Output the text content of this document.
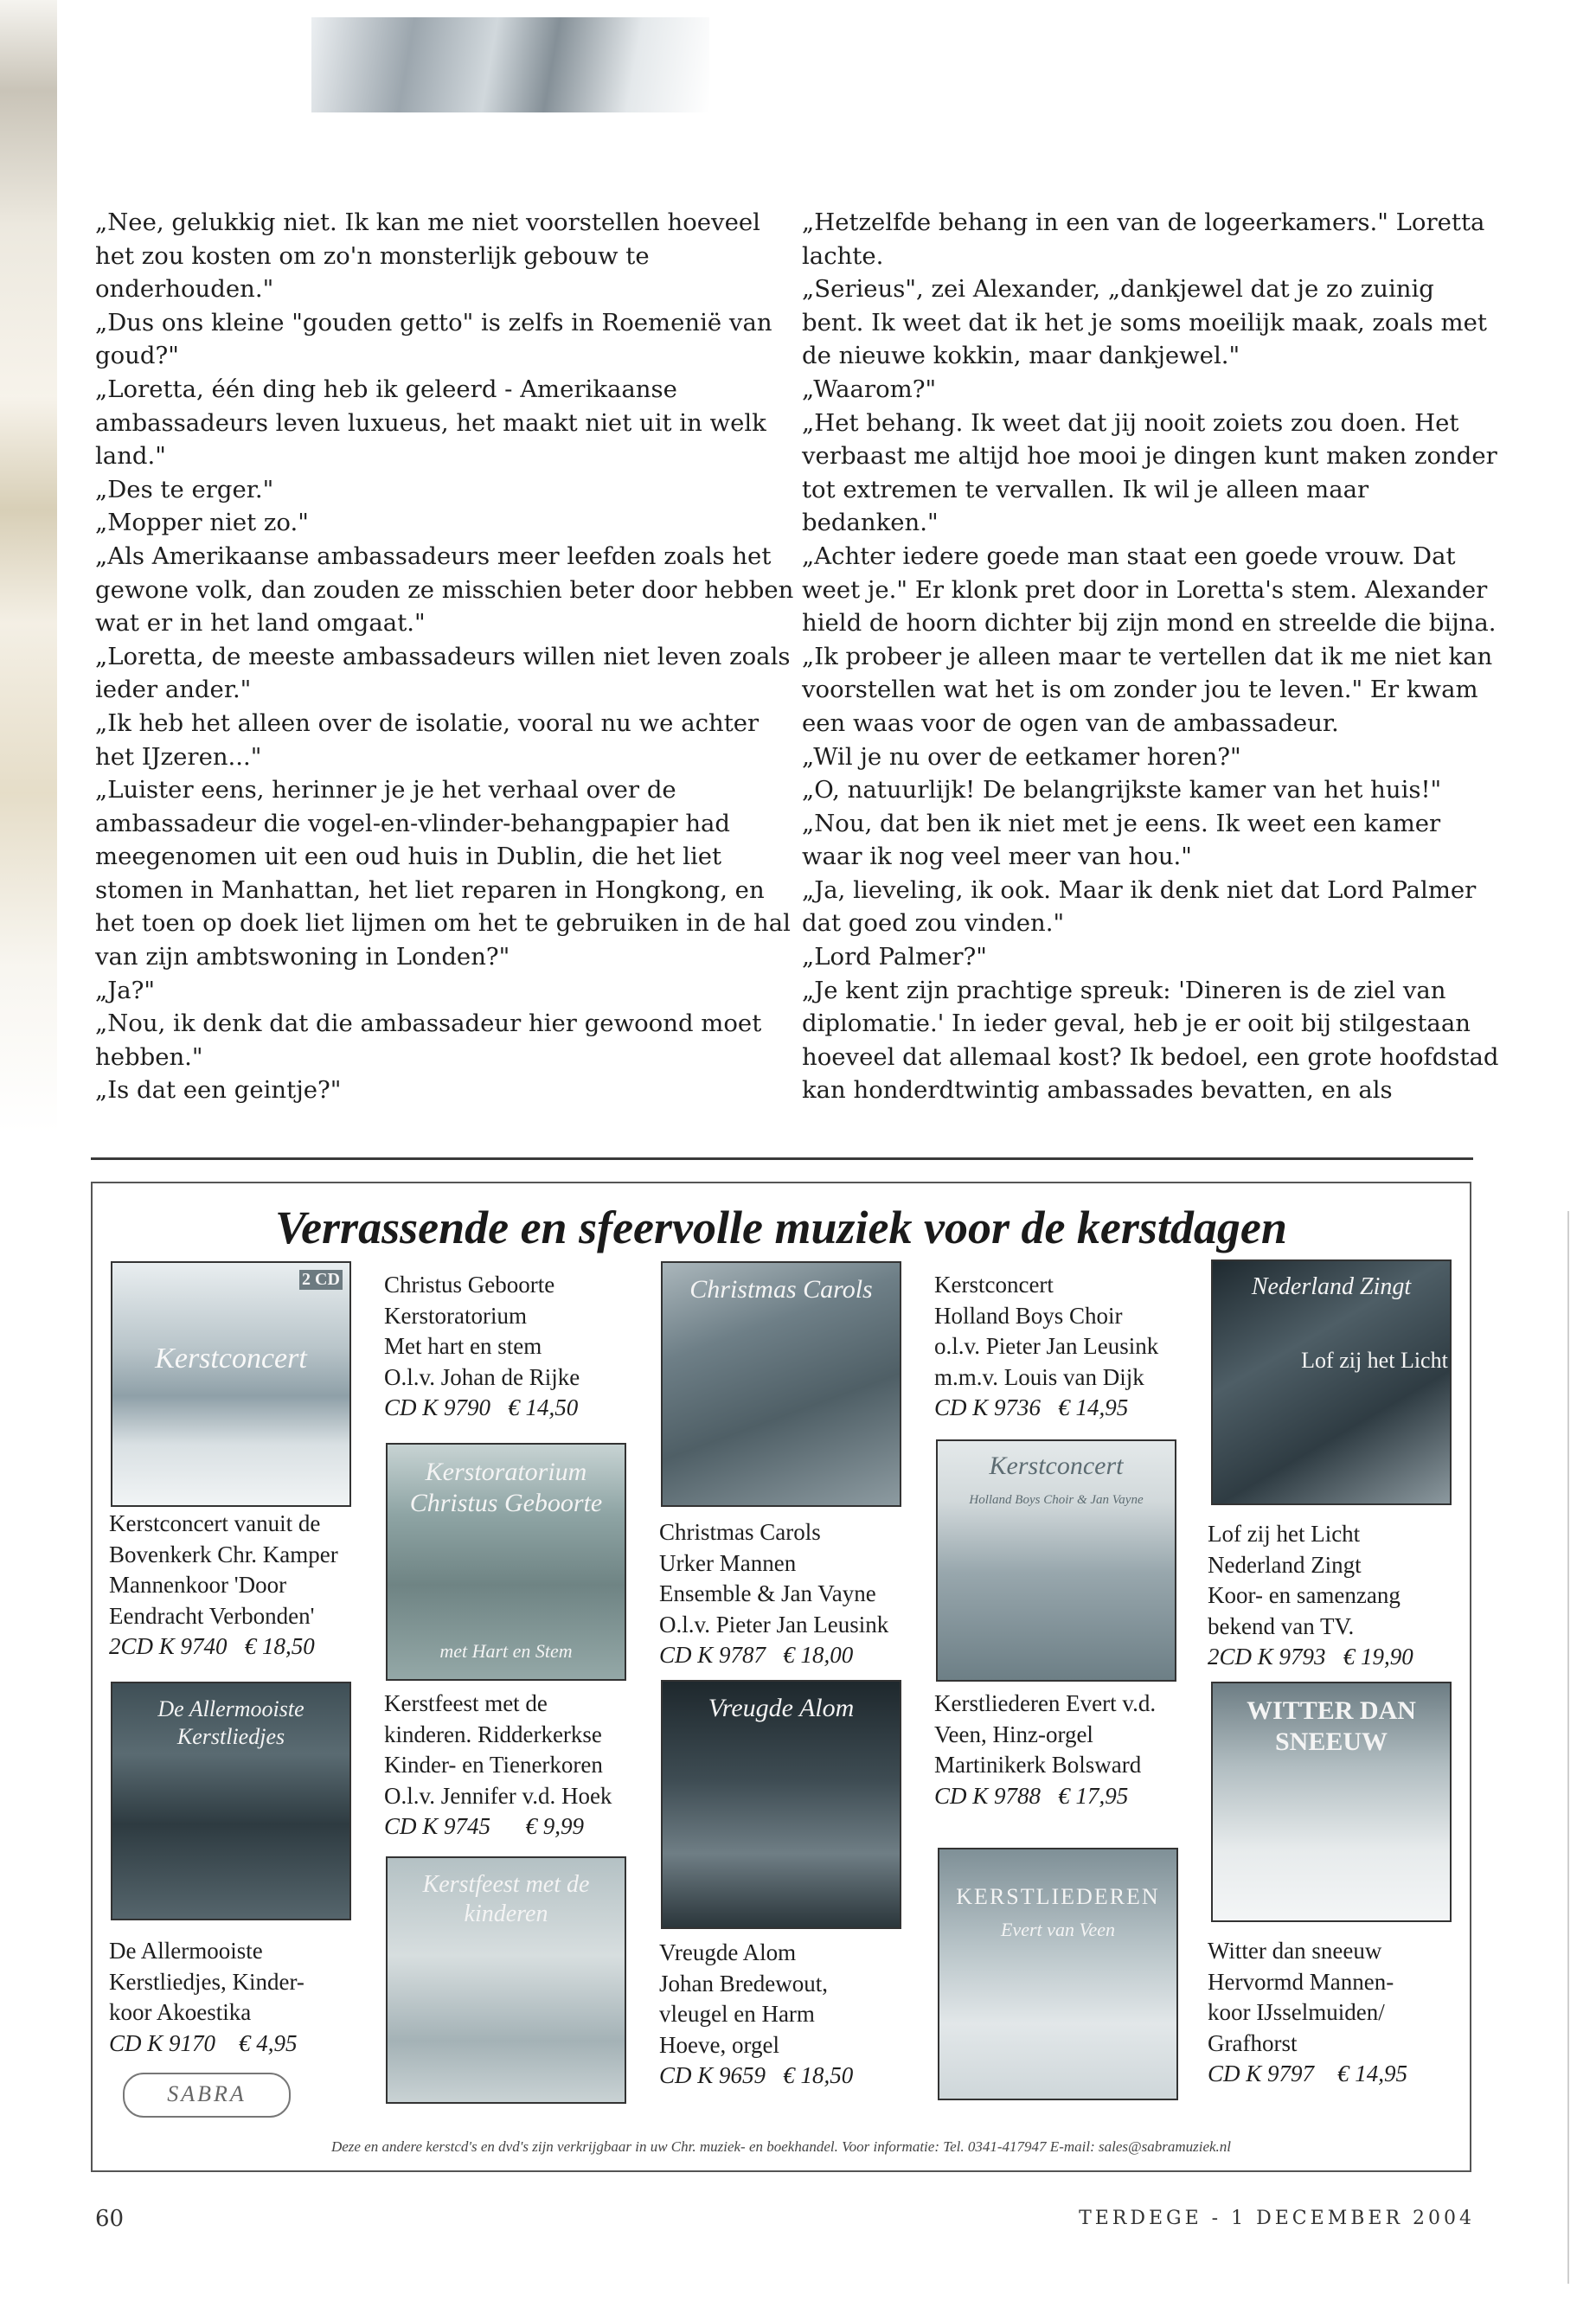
„Nee, gelukkig niet. Ik kan me niet voorstellen hoeveel het zou kosten om zo'n monsterlijk gebouw te onderhouden."

„Dus ons kleine "gouden getto" is zelfs in Roemenië van goud?"

„Loretta, één ding heb ik geleerd - Amerikaanse ambassadeurs leven luxueus, het maakt niet uit in welk land."

„Des te erger."

„Mopper niet zo."

„Als Amerikaanse ambassadeurs meer leefden zoals het gewone volk, dan zouden ze misschien beter door hebben wat er in het land omgaat."

„Loretta, de meeste ambassadeurs willen niet leven zoals ieder ander."

„Ik heb het alleen over de isolatie, vooral nu we achter het IJzeren..."

„Luister eens, herinner je je het verhaal over de ambassadeur die vogel-en-vlinder-behangpapier had meegenomen uit een oud huis in Dublin, die het liet stomen in Manhattan, het liet reparen in Hongkong, en het toen op doek liet lijmen om het te gebruiken in de hal van zijn ambtswoning in Londen?"

„Ja?"

„Nou, ik denk dat die ambassadeur hier gewoond moet hebben."

„Is dat een geintje?"

„Hetzelfde behang in een van de logeerkamers." Loretta lachte.

„Serieus", zei Alexander, „dankjewel dat je zo zuinig bent. Ik weet dat ik het je soms moeilijk maak, zoals met de nieuwe kokkin, maar dankjewel."

„Waarom?"

„Het behang. Ik weet dat jij nooit zoiets zou doen. Het verbaast me altijd hoe mooi je dingen kunt maken zonder tot extremen te vervallen. Ik wil je alleen maar bedanken."

„Achter iedere goede man staat een goede vrouw. Dat weet je." Er klonk pret door in Loretta's stem. Alexander hield de hoorn dichter bij zijn mond en streelde die bijna. „Ik probeer je alleen maar te vertellen dat ik me niet kan voorstellen wat het is om zonder jou te leven." Er kwam een waas voor de ogen van de ambassadeur.

„Wil je nu over de eetkamer horen?"

„O, natuurlijk! De belangrijkste kamer van het huis!"

„Nou, dat ben ik niet met je eens. Ik weet een kamer waar ik nog veel meer van hou."

„Ja, lieveling, ik ook. Maar ik denk niet dat Lord Palmer dat goed zou vinden."

„Lord Palmer?"

„Je kent zijn prachtige spreuk: 'Dineren is de ziel van diplomatie.' In ieder geval, heb je er ooit bij stilgestaan hoeveel dat allemaal kost? Ik bedoel, een grote hoofdstad kan honderdtwintig ambassades bevatten, en als

Verrassende en sfeervolle muziek voor de kerstdagen
Kerstconcert
2 CD
Kerstoratorium Christus Geboorte
met Hart en Stem
Christmas Carols
Kerstconcert
Holland Boys Choir & Jan Vayne
Nederland Zingt
Lof zij het Licht
De Allermooiste Kerstliedjes
Kerstfeest met de kinderen
Vreugde Alom
KERSTLIEDEREN
Evert van Veen
WITTER DAN SNEEUW
Christus Geboorte
Kerstoratorium
Met hart en stem
O.l.v. Johan de Rijke
CD K 9790 € 14,50
Kerstconcert
Holland Boys Choir
o.l.v. Pieter Jan Leusink
m.m.v. Louis van Dijk
CD K 9736 € 14,95
Kerstconcert vanuit de
Bovenkerk Chr. Kamper
Mannenkoor 'Door
Eendracht Verbonden'
2CD K 9740 € 18,50
Christmas Carols
Urker Mannen
Ensemble & Jan Vayne
O.l.v. Pieter Jan Leusink
CD K 9787 € 18,00
Lof zij het Licht
Nederland Zingt
Koor- en samenzang
bekend van TV.
2CD K 9793 € 19,90
Kerstfeest met de
kinderen. Ridderkerkse
Kinder- en Tienerkoren
O.l.v. Jennifer v.d. Hoek
CD K 9745 € 9,99
Kerstliederen Evert v.d.
Veen, Hinz-orgel
Martinikerk Bolsward
CD K 9788 € 17,95
De Allermooiste
Kerstliedjes, Kinder-
koor Akoestika
CD K 9170 € 4,95
Vreugde Alom
Johan Bredewout,
vleugel en Harm
Hoeve, orgel
CD K 9659 € 18,50
Witter dan sneeuw
Hervormd Mannen-
koor IJsselmuiden/
Grafhorst
CD K 9797 € 14,95
SABRA
Deze en andere kerstcd's en dvd's zijn verkrijgbaar in uw Chr. muziek- en boekhandel. Voor informatie: Tel. 0341-417947 E-mail: sales@sabramuziek.nl
60	TERDEGE - 1 DECEMBER 2004
